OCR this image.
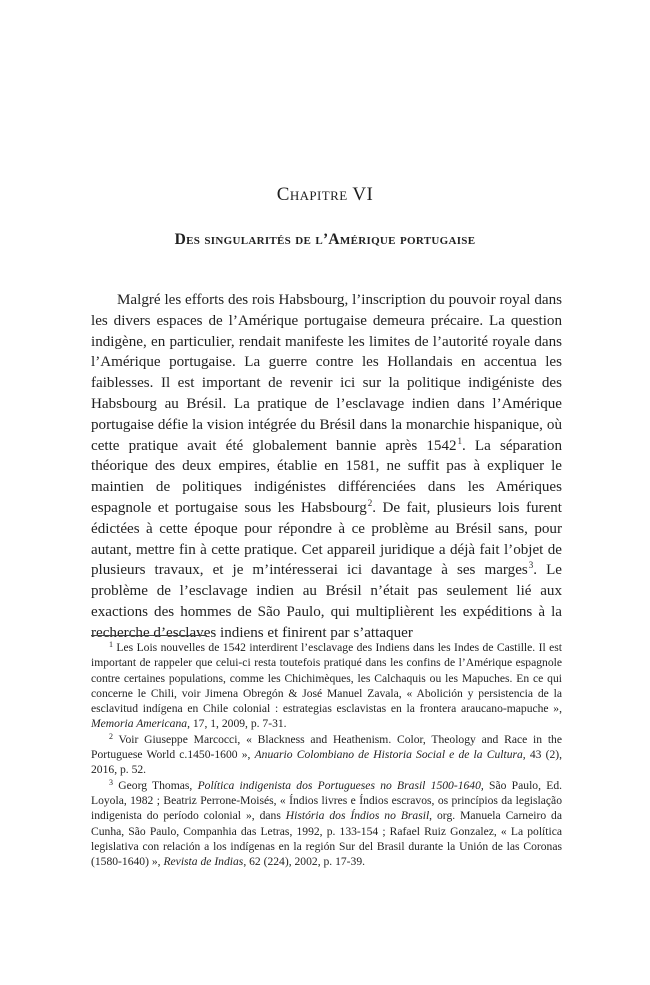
Chapitre VI
Des singularités de l’Amérique portugaise

Malgré les efforts des rois Habsbourg, l’inscription du pouvoir royal dans les divers espaces de l’Amérique portugaise demeura précaire. La question indigène, en particulier, rendait manifeste les limites de l’autorité royale dans l’Amérique portugaise. La guerre contre les Hollandais en accentua les faiblesses. Il est important de revenir ici sur la politique indigéniste des Habsbourg au Brésil. La pratique de l’esclavage indien dans l’Amérique portugaise défie la vision intégrée du Brésil dans la monarchie hispanique, où cette pratique avait été globalement bannie après 1542$^1$. La séparation théorique des deux empires, établie en 1581, ne suffit pas à expliquer le maintien de politiques indigénistes différenciées dans les Amériques espagnole et portugaise sous les Habsbourg$^2$. De fait, plusieurs lois furent édictées à cette époque pour répondre à ce problème au Brésil sans, pour autant, mettre fin à cette pratique. Cet appareil juridique a déjà fait l’objet de plusieurs travaux, et je m’intéresserai ici davantage à ses marges$^3$. Le problème de l’esclavage indien au Brésil n’était pas seulement lié aux exactions des hommes de São Paulo, qui multiplièrent les expéditions à la recherche d’esclaves indiens et finirent par s’attaquer

$^1$ Les Lois nouvelles de 1542 interdirent l’esclavage des Indiens dans les Indes de Castille. Il est important de rappeler que celui-ci resta toutefois pratiqué dans les confins de l’Amérique espagnole contre certaines populations, comme les Chichimèques, les Calchaquis ou les Mapuches. En ce qui concerne le Chili, voir Jimena Obregón & José Manuel Zavala, « Abolición y persistencia de la esclavitud indígena en Chile colonial : estrategias esclavistas en la frontera araucano-mapuche », Memoria Americana, 17, 1, 2009, p. 7-31.

$^2$ Voir Giuseppe Marcocci, « Blackness and Heathenism. Color, Theology and Race in the Portuguese World c.1450-1600 », Anuario Colombiano de Historia Social e de la Cultura, 43 (2), 2016, p. 52.

$^3$ Georg Thomas, Política indigenista dos Portugueses no Brasil 1500-1640, São Paulo, Ed. Loyola, 1982 ; Beatriz Perrone-Moisés, « Índios livres e Índios escravos, os princípios da legislação indigenista do período colonial », dans História dos Índios no Brasil, org. Manuela Carneiro da Cunha, São Paulo, Companhia das Letras, 1992, p. 133-154 ; Rafael Ruiz Gonzalez, « La política legislativa con relación a los indígenas en la región Sur del Brasil durante la Unión de las Coronas (1580-1640) », Revista de Indias, 62 (224), 2002, p. 17-39.
